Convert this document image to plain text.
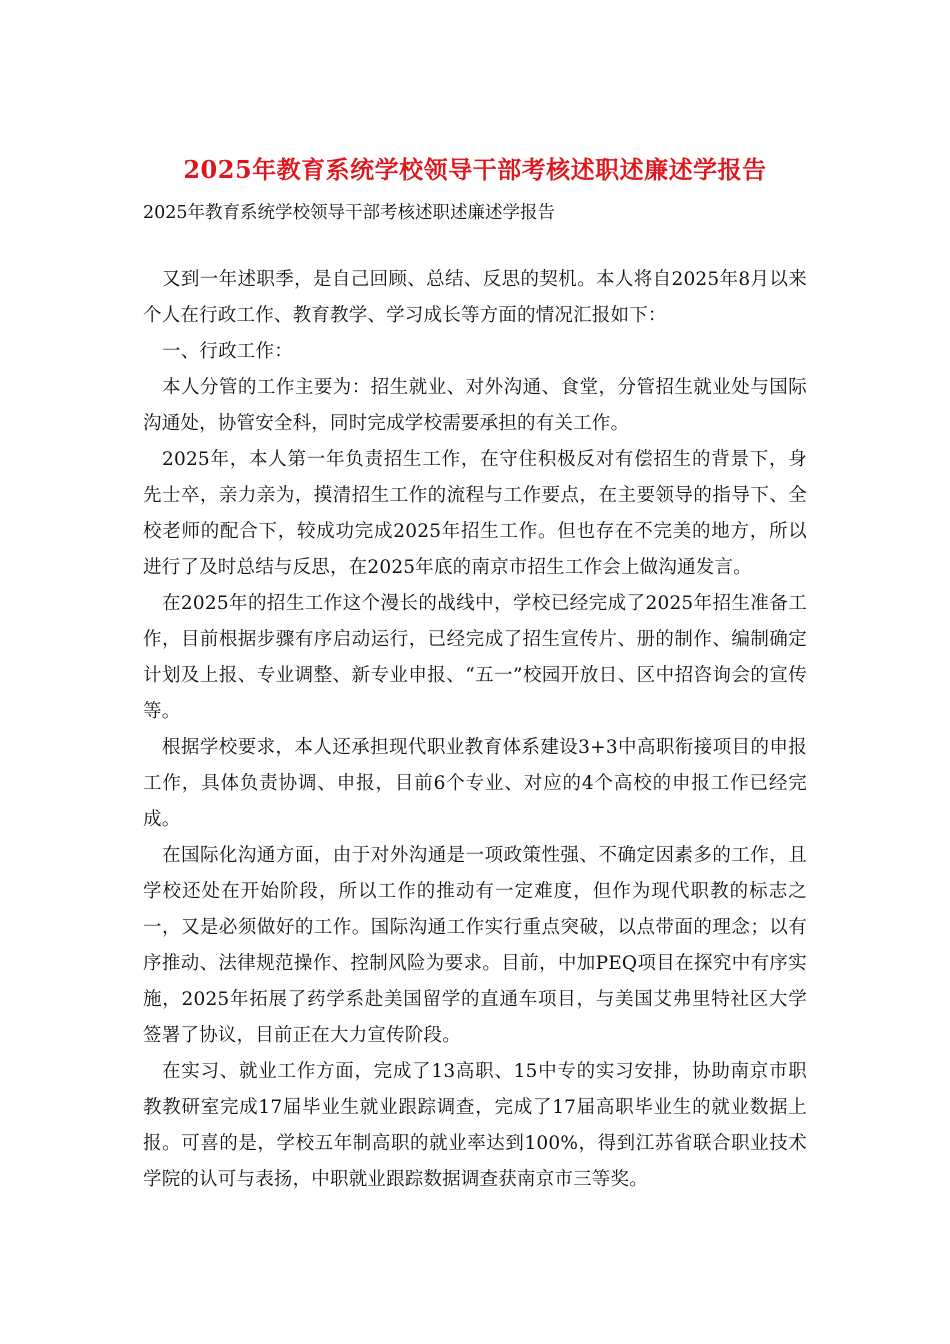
2025年教育系统学校领导干部考核述职述廉述学报告
2025年教育系统学校领导干部考核述职述廉述学报告

又到一年述职季，是自己回顾、总结、反思的契机。本人将自2025年8月以来个人在行政工作、教育教学、学习成长等方面的情况汇报如下：

一、行政工作：

本人分管的工作主要为：招生就业、对外沟通、食堂，分管招生就业处与国际沟通处，协管安全科，同时完成学校需要承担的有关工作。

2025年，本人第一年负责招生工作，在守住积极反对有偿招生的背景下，身先士卒，亲力亲为，摸清招生工作的流程与工作要点，在主要领导的指导下、全校老师的配合下，较成功完成2025年招生工作。但也存在不完美的地方，所以进行了及时总结与反思，在2025年底的南京市招生工作会上做沟通发言。

在2025年的招生工作这个漫长的战线中，学校已经完成了2025年招生准备工作，目前根据步骤有序启动运行，已经完成了招生宣传片、册的制作、编制确定计划及上报、专业调整、新专业申报、“五一”校园开放日、区中招咨询会的宣传等。

根据学校要求，本人还承担现代职业教育体系建设3+3中高职衔接项目的申报工作，具体负责协调、申报，目前6个专业、对应的4个高校的申报工作已经完成。

在国际化沟通方面，由于对外沟通是一项政策性强、不确定因素多的工作，且学校还处在开始阶段，所以工作的推动有一定难度，但作为现代职教的标志之一，又是必须做好的工作。国际沟通工作实行重点突破，以点带面的理念；以有序推动、法律规范操作、控制风险为要求。目前，中加PEQ项目在探究中有序实施，2025年拓展了药学系赴美国留学的直通车项目，与美国艾弗里特社区大学签署了协议，目前正在大力宣传阶段。

在实习、就业工作方面，完成了13高职、15中专的实习安排，协助南京市职教教研室完成17届毕业生就业跟踪调查，完成了17届高职毕业生的就业数据上报。可喜的是，学校五年制高职的就业率达到100%，得到江苏省联合职业技术学院的认可与表扬，中职就业跟踪数据调查获南京市三等奖。
